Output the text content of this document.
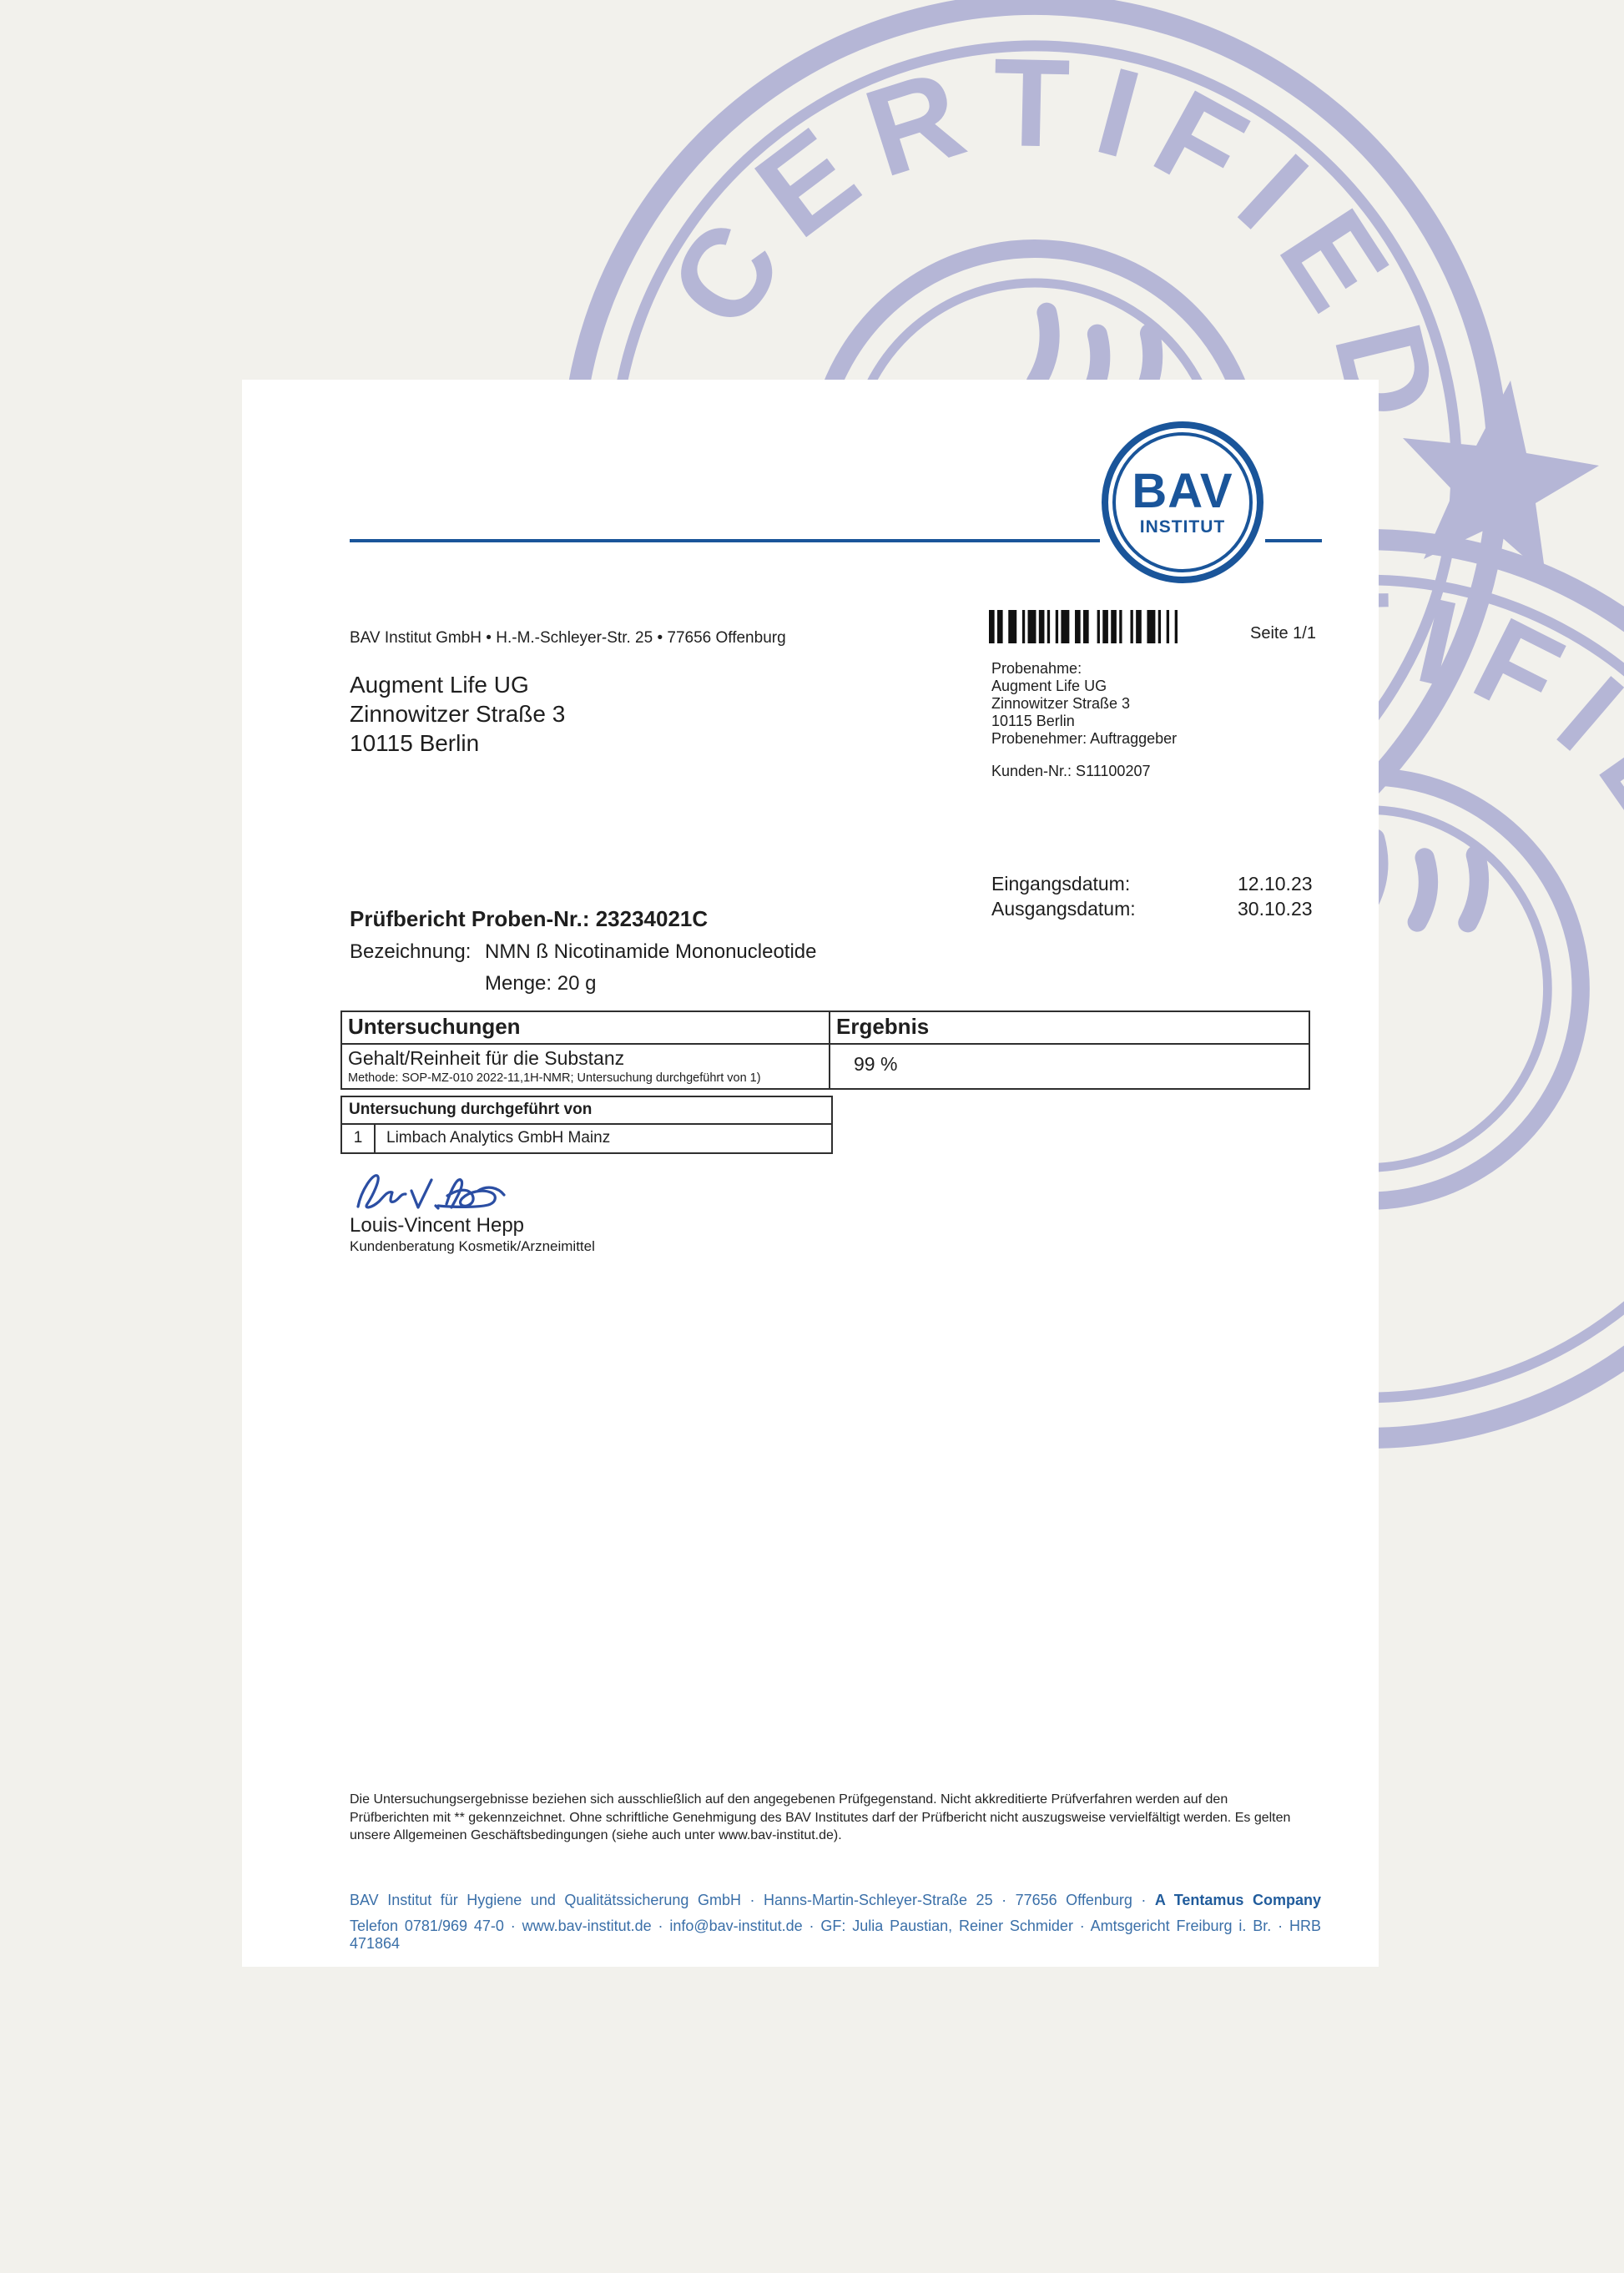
BAV
INSTITUT
BAV Institut GmbH • H.-M.-Schleyer-Str. 25 • 77656 Offenburg
Augment Life UG
Zinnowitzer Straße 3
10115 Berlin
Seite 1/1
Probenahme:
Augment Life UG
Zinnowitzer Straße 3
10115 Berlin
Probenehmer: Auftraggeber
Kunden-Nr.: S11100207
Eingangsdatum:	12.10.23
Ausgangsdatum:	30.10.23
Prüfbericht Proben-Nr.: 23234021C
Bezeichnung: NMN ß Nicotinamide Mononucleotide
Menge: 20 g
Untersuchungen	Ergebnis

Gehalt/Reinheit für die Substanz
Methode: SOP-MZ-010 2022-11,1H-NMR; Untersuchung durchgeführt von 1)	99 %
Untersuchung durchgeführt von
1	Limbach Analytics GmbH Mainz
Louis-Vincent Hepp
Kundenberatung Kosmetik/Arzneimittel
Die Untersuchungsergebnisse beziehen sich ausschließlich auf den angegebenen Prüfgegenstand. Nicht akkreditierte Prüfverfahren werden auf den Prüfberichten mit ** gekennzeichnet. Ohne schriftliche Genehmigung des BAV Institutes darf der Prüfbericht nicht auszugsweise vervielfältigt werden. Es gelten unsere Allgemeinen Geschäftsbedingungen (siehe auch unter www.bav-institut.de).
BAV Institut für Hygiene und Qualitätssicherung GmbH · Hanns-Martin-Schleyer-Straße 25 · 77656 Offenburg · A Tentamus Company
Telefon 0781/969 47-0 · www.bav-institut.de · info@bav-institut.de · GF: Julia Paustian, Reiner Schmider · Amtsgericht Freiburg i. Br. · HRB 471864
